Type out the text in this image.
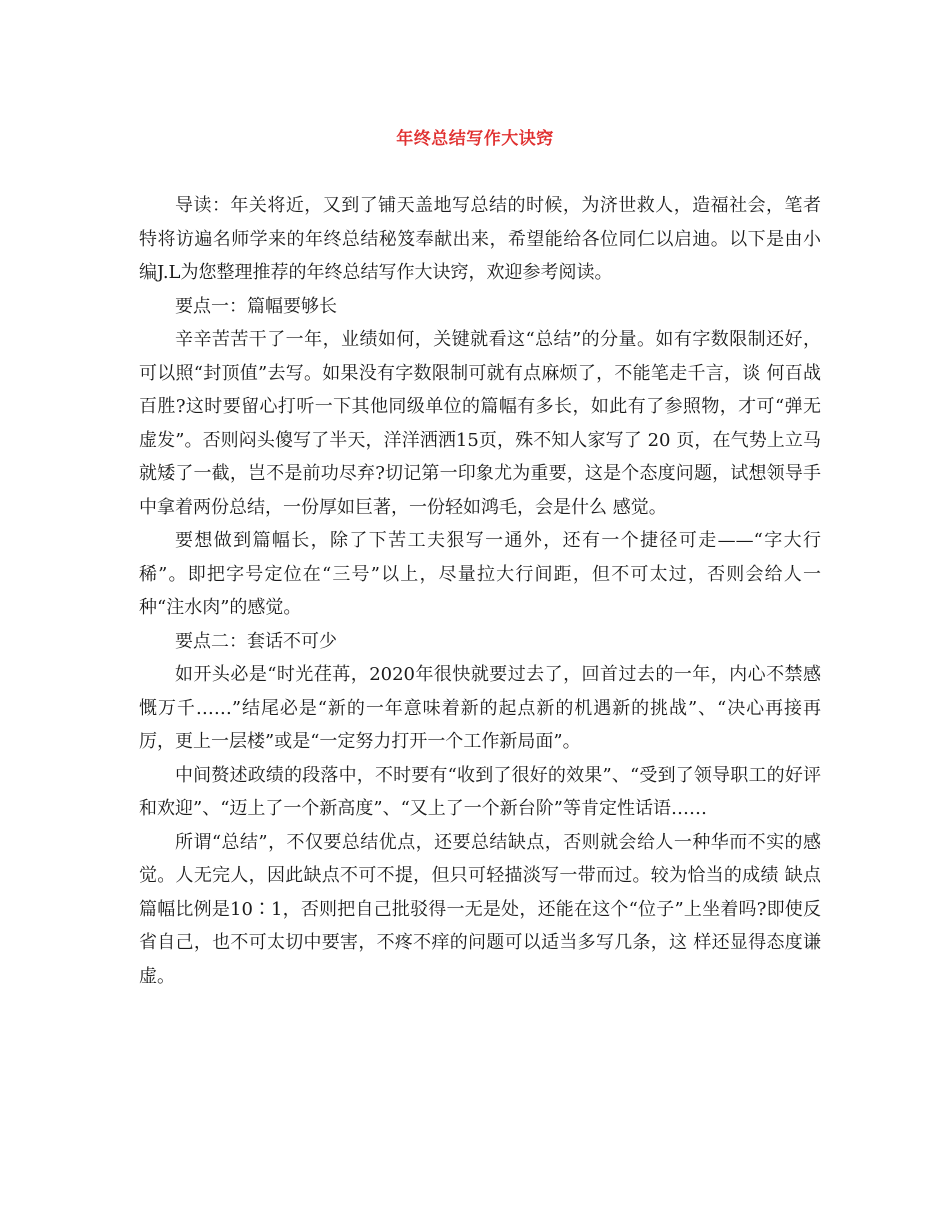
年终总结写作大诀窍

导读：年关将近，又到了铺天盖地写总结的时候，为济世救人，造福社会，笔者特将访遍名师学来的年终总结秘笈奉献出来，希望能给各位同仁以启迪。以下是由小编J.L为您整理推荐的年终总结写作大诀窍，欢迎参考阅读。

要点一：篇幅要够长

辛辛苦苦干了一年，业绩如何，关键就看这“总结”的分量。如有字数限制还好，可以照“封顶值”去写。如果没有字数限制可就有点麻烦了，不能笔走千言，谈 何百战百胜?这时要留心打听一下其他同级单位的篇幅有多长，如此有了参照物，才可“弹无虚发”。否则闷头傻写了半天，洋洋洒洒15页，殊不知人家写了 20 页，在气势上立马就矮了一截，岂不是前功尽弃?切记第一印象尤为重要，这是个态度问题，试想领导手中拿着两份总结，一份厚如巨著，一份轻如鸿毛，会是什么 感觉。

要想做到篇幅长，除了下苦工夫狠写一通外，还有一个捷径可走——“字大行稀”。即把字号定位在“三号”以上，尽量拉大行间距，但不可太过，否则会给人一种“注水肉”的感觉。

要点二：套话不可少

如开头必是“时光荏苒，2020年很快就要过去了，回首过去的一年，内心不禁感慨万千……”结尾必是“新的一年意味着新的起点新的机遇新的挑战”、“决心再接再厉，更上一层楼”或是“一定努力打开一个工作新局面”。

中间赘述政绩的段落中，不时要有“收到了很好的效果”、“受到了领导职工的好评和欢迎”、“迈上了一个新高度”、“又上了一个新台阶”等肯定性话语……

所谓“总结”，不仅要总结优点，还要总结缺点，否则就会给人一种华而不实的感觉。人无完人，因此缺点不可不提，但只可轻描淡写一带而过。较为恰当的成绩 缺点篇幅比例是10∶1，否则把自己批驳得一无是处，还能在这个“位子”上坐着吗?即使反省自己，也不可太切中要害，不疼不痒的问题可以适当多写几条，这 样还显得态度谦虚。
